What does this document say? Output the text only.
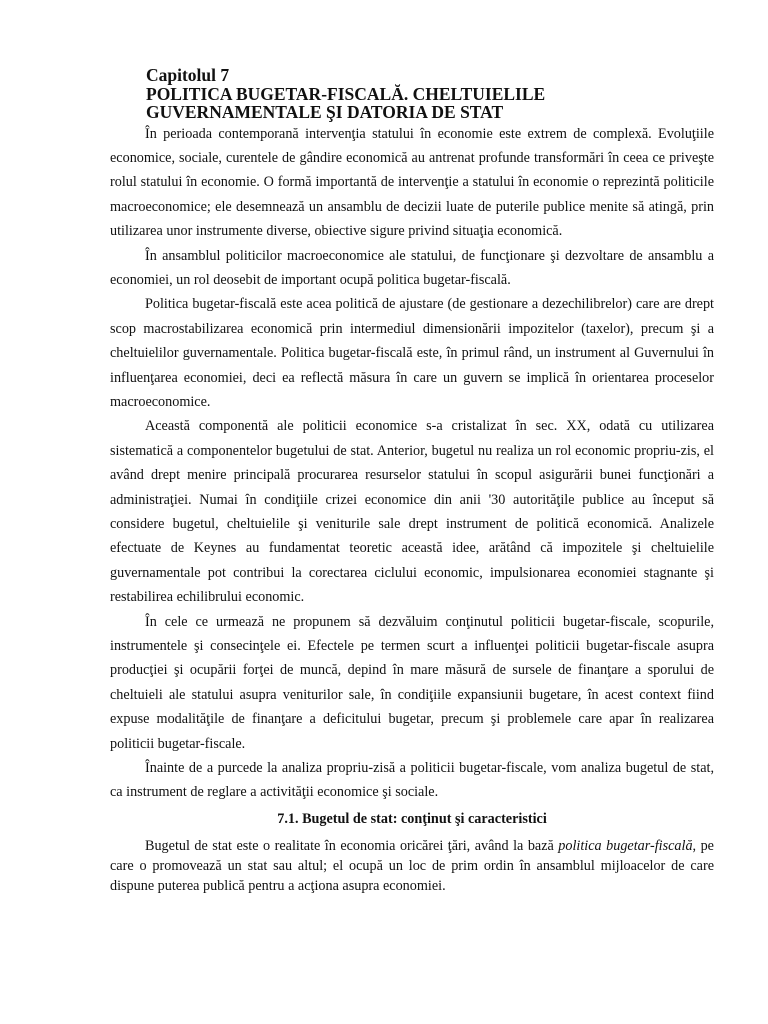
Capitolul 7
POLITICA BUGETAR-FISCALĂ. CHELTUIELILE
GUVERNAMENTALE ŞI DATORIA DE STAT

În perioada contemporană intervenţia statului în economie este extrem de complexă. Evoluţiile economice, sociale, curentele de gândire economică au antrenat profunde transformări în ceea ce priveşte rolul statului în economie. O formă importantă de intervenţie a statului în economie o reprezintă politicile macroeconomice; ele desemnează un ansamblu de decizii luate de puterile publice menite să atingă, prin utilizarea unor instrumente diverse, obiective sigure privind situaţia economică.

În ansamblul politicilor macroeconomice ale statului, de funcţionare şi dezvoltare de ansamblu a economiei, un rol deosebit de important ocupă politica bugetar-fiscală.

Politica bugetar-fiscală este acea politică de ajustare (de gestionare a dezechilibrelor) care are drept scop macrostabilizarea economică prin intermediul dimensionării impozitelor (taxelor), precum şi a cheltuielilor guvernamentale. Politica bugetar-fiscală este, în primul rând, un instrument al Guvernului în influenţarea economiei, deci ea reflectă măsura în care un guvern se implică în orientarea proceselor macroeconomice.

Această componentă ale politicii economice s-a cristalizat în sec. XX, odată cu utilizarea sistematică a componentelor bugetului de stat. Anterior, bugetul nu realiza un rol economic propriu-zis, el având drept menire principală procurarea resurselor statului în scopul asigurării bunei funcţionări a administraţiei. Numai în condiţiile crizei economice din anii '30 autorităţile publice au început să considere bugetul, cheltuielile şi veniturile sale drept instrument de politică economică. Analizele efectuate de Keynes au fundamentat teoretic această idee, arătând că impozitele şi cheltuielile guvernamentale pot contribui la corectarea ciclului economic, impulsionarea economiei stagnante şi restabilirea echilibrului economic.

În cele ce urmează ne propunem să dezvăluim conţinutul politicii bugetar-fiscale, scopurile, instrumentele şi consecinţele ei. Efectele pe termen scurt a influenţei politicii bugetar-fiscale asupra producţiei şi ocupării forţei de muncă, depind în mare măsură de sursele de finanţare a sporului de cheltuieli ale statului asupra veniturilor sale, în condiţiile expansiunii bugetare, în acest context fiind expuse modalităţile de finanţare a deficitului bugetar, precum şi problemele care apar în realizarea politicii bugetar-fiscale.

Înainte de a purcede la analiza propriu-zisă a politicii bugetar-fiscale, vom analiza bugetul de stat, ca instrument de reglare a activităţii economice şi sociale.

7.1. Bugetul de stat: conţinut şi caracteristici

Bugetul de stat este o realitate în economia oricărei ţări, având la bază politica bugetar-fiscală, pe care o promovează un stat sau altul; el ocupă un loc de prim ordin în ansamblul mijloacelor de care dispune puterea publică pentru a acţiona asupra economiei.
